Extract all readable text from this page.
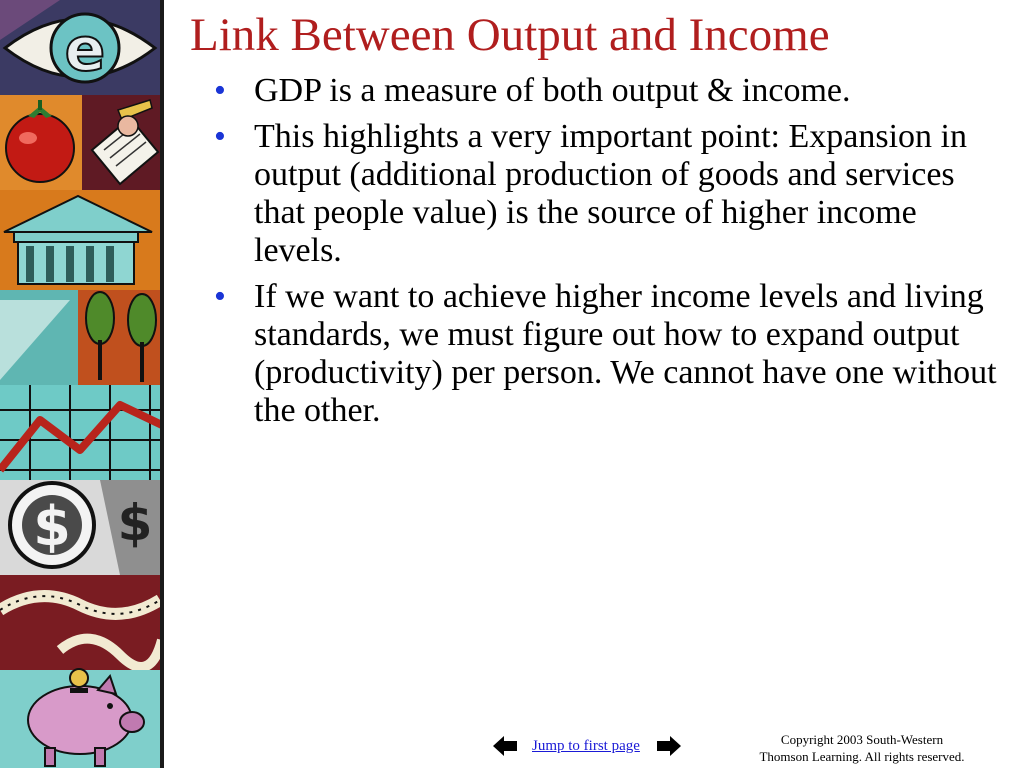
e
$ $
Link Between Output and Income
• GDP is a measure of both output & income.
• This highlights a very important point: Expansion in output (additional production of goods and services that people value) is the source of higher income levels.
• If we want to achieve higher income levels and living standards, we must figure out how to expand output (productivity) per person. We cannot have one without the other.
Jump to first page	Copyright 2003 South-Western
Thomson Learning. All rights reserved.
